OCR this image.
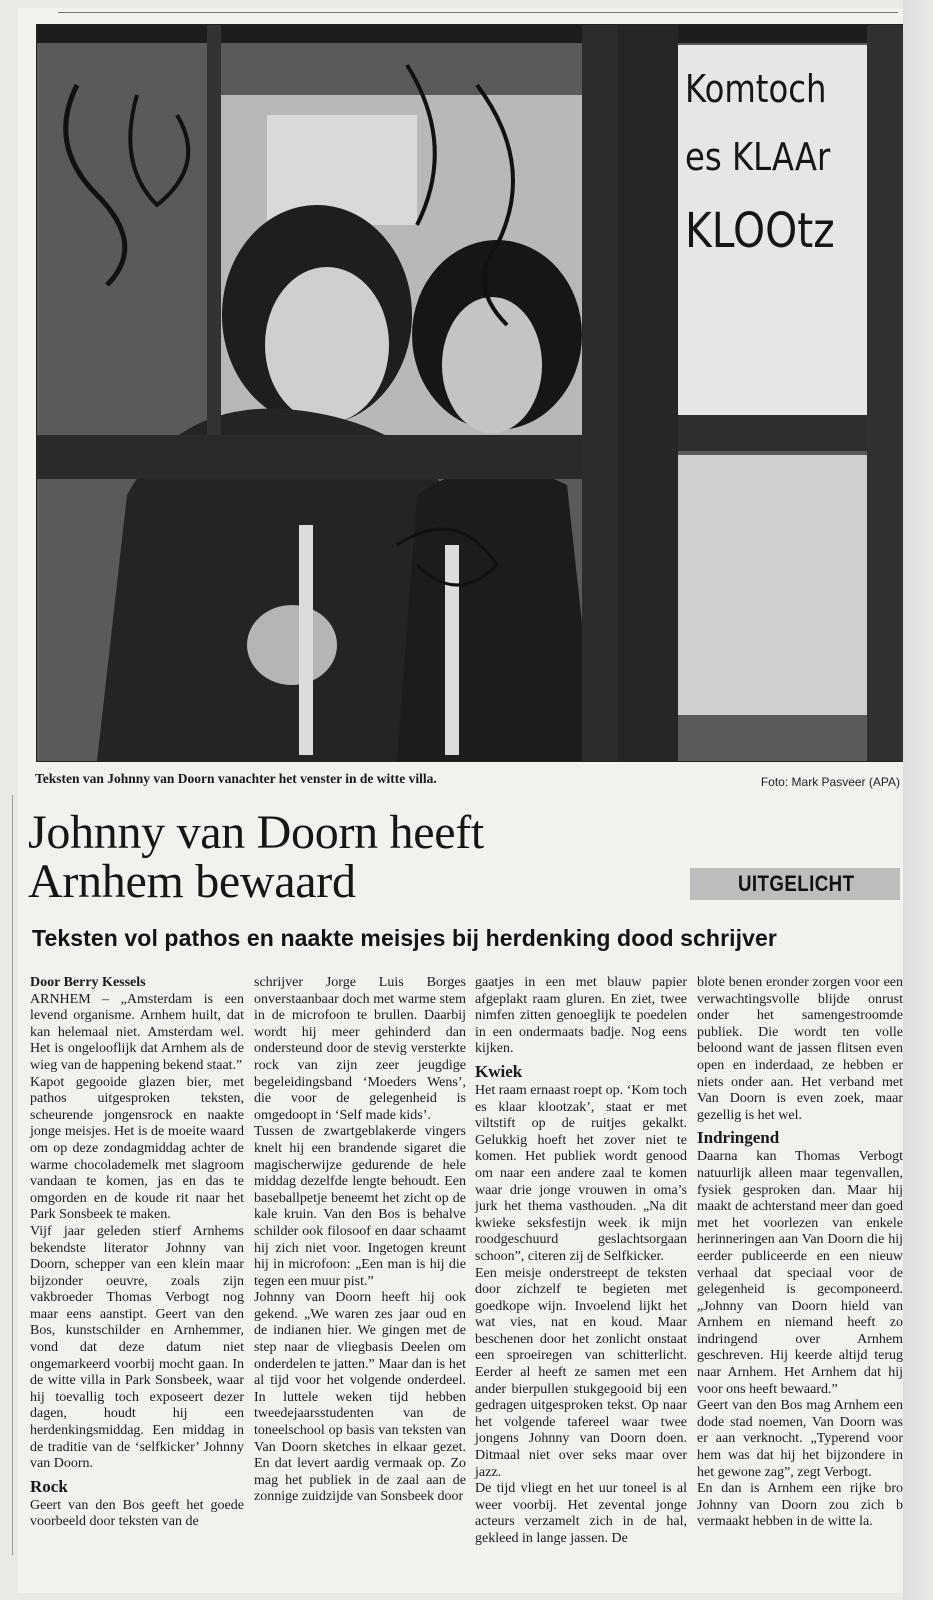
Komtoch
es KLAAr
KLOOtz
Teksten van Johnny van Doorn vanachter het venster in de witte villa.	Foto: Mark Pasveer (APA)
Johnny van Doorn heeft
Arnhem bewaard	UITGELICHT
Teksten vol pathos en naakte meisjes bij herdenking dood schrijver

Door Berry Kessels

ARNHEM – „Amsterdam is een levend organisme. Arnhem huilt, dat kan helemaal niet. Amsterdam wel. Het is ongelooflijk dat Arnhem als de wieg van de happening bekend staat.”

Kapot gegooide glazen bier, met pathos uitgesproken teksten, scheurende jongensrock en naakte jonge meisjes. Het is de moeite waard om op deze zondagmiddag achter de warme chocolademelk met slagroom vandaan te komen, jas en das te omgorden en de koude rit naar het Park Sonsbeek te maken.

Vijf jaar geleden stierf Arnhems bekendste literator Johnny van Doorn, schepper van een klein maar bijzonder oeuvre, zoals zijn vakbroeder Thomas Verbogt nog maar eens aanstipt. Geert van den Bos, kunstschilder en Arnhemmer, vond dat deze datum niet ongemarkeerd voorbij mocht gaan. In de witte villa in Park Sonsbeek, waar hij toevallig toch exposeert dezer dagen, houdt hij een herdenkingsmiddag. Een middag in de traditie van de ‘selfkicker’ Johnny van Doorn.

Rock

Geert van den Bos geeft het goede voorbeeld door teksten van de

schrijver Jorge Luis Borges onverstaanbaar doch met warme stem in de microfoon te brullen. Daarbij wordt hij meer gehinderd dan ondersteund door de stevig versterkte rock van zijn zeer jeugdige begeleidingsband ‘Moeders Wens’, die voor de gelegenheid is omgedoopt in ‘Self made kids’.

Tussen de zwartgeblakerde vingers knelt hij een brandende sigaret die magischerwijze gedurende de hele middag dezelfde lengte behoudt. Een baseballpetje beneemt het zicht op de kale kruin. Van den Bos is behalve schilder ook filosoof en daar schaamt hij zich niet voor. Ingetogen kreunt hij in microfoon: „Een man is hij die tegen een muur pist.”

Johnny van Doorn heeft hij ook gekend. „We waren zes jaar oud en de indianen hier. We gingen met de step naar de vliegbasis Deelen om onderdelen te jatten.” Maar dan is het al tijd voor het volgende onderdeel. In luttele weken tijd hebben tweedejaarsstudenten van de toneelschool op basis van teksten van Van Doorn sketches in elkaar gezet. En dat levert aardig vermaak op. Zo mag het publiek in de zaal aan de zonnige zuidzijde van Sonsbeek door

gaatjes in een met blauw papier afgeplakt raam gluren. En ziet, twee nimfen zitten genoeglijk te poedelen in een ondermaats badje. Nog eens kijken.

Kwiek

Het raam ernaast roept op. ‘Kom toch es klaar klootzak’, staat er met viltstift op de ruitjes gekalkt. Gelukkig hoeft het zover niet te komen. Het publiek wordt genood om naar een andere zaal te komen waar drie jonge vrouwen in oma’s jurk het thema vasthouden. „Na dit kwieke seksfestijn week ik mijn roodgeschuurd geslachtsorgaan schoon”, citeren zij de Selfkicker.

Een meisje onderstreept de teksten door zichzelf te begieten met goedkope wijn. Invoelend lijkt het wat vies, nat en koud. Maar beschenen door het zonlicht onstaat een sproeiregen van schitterlicht. Eerder al heeft ze samen met een ander bierpullen stukgegooid bij een gedragen uitgesproken tekst. Op naar het volgende tafereel waar twee jongens Johnny van Doorn doen. Ditmaal niet over seks maar over jazz.

De tijd vliegt en het uur toneel is al weer voorbij. Het zevental jonge acteurs verzamelt zich in de hal, gekleed in lange jassen. De

blote benen eronder zorgen voor een verwachtingsvolle blijde onrust onder het samengestroomde publiek. Die wordt ten volle beloond want de jassen flitsen even open en inderdaad, ze hebben er niets onder aan. Het verband met Van Doorn is even zoek, maar gezellig is het wel.

Indringend

Daarna kan Thomas Verbogt natuurlijk alleen maar tegenvallen, fysiek gesproken dan. Maar hij maakt de achterstand meer dan goed met het voorlezen van enkele herinneringen aan Van Doorn die hij eerder publiceerde en een nieuw verhaal dat speciaal voor de gelegenheid is gecomponeerd. „Johnny van Doorn hield van Arnhem en niemand heeft zo indringend over Arnhem geschreven. Hij keerde altijd terug naar Arnhem. Het Arnhem dat hij voor ons heeft bewaard.”

Geert van den Bos mag Arnhem een dode stad noemen, Van Doorn was er aan verknocht. „Typerend voor hem was dat hij het bijzondere in het gewone zag”, zegt Verbogt.

En dan is Arnhem een rijke bro Johnny van Doorn zou zich b vermaakt hebben in de witte la.
